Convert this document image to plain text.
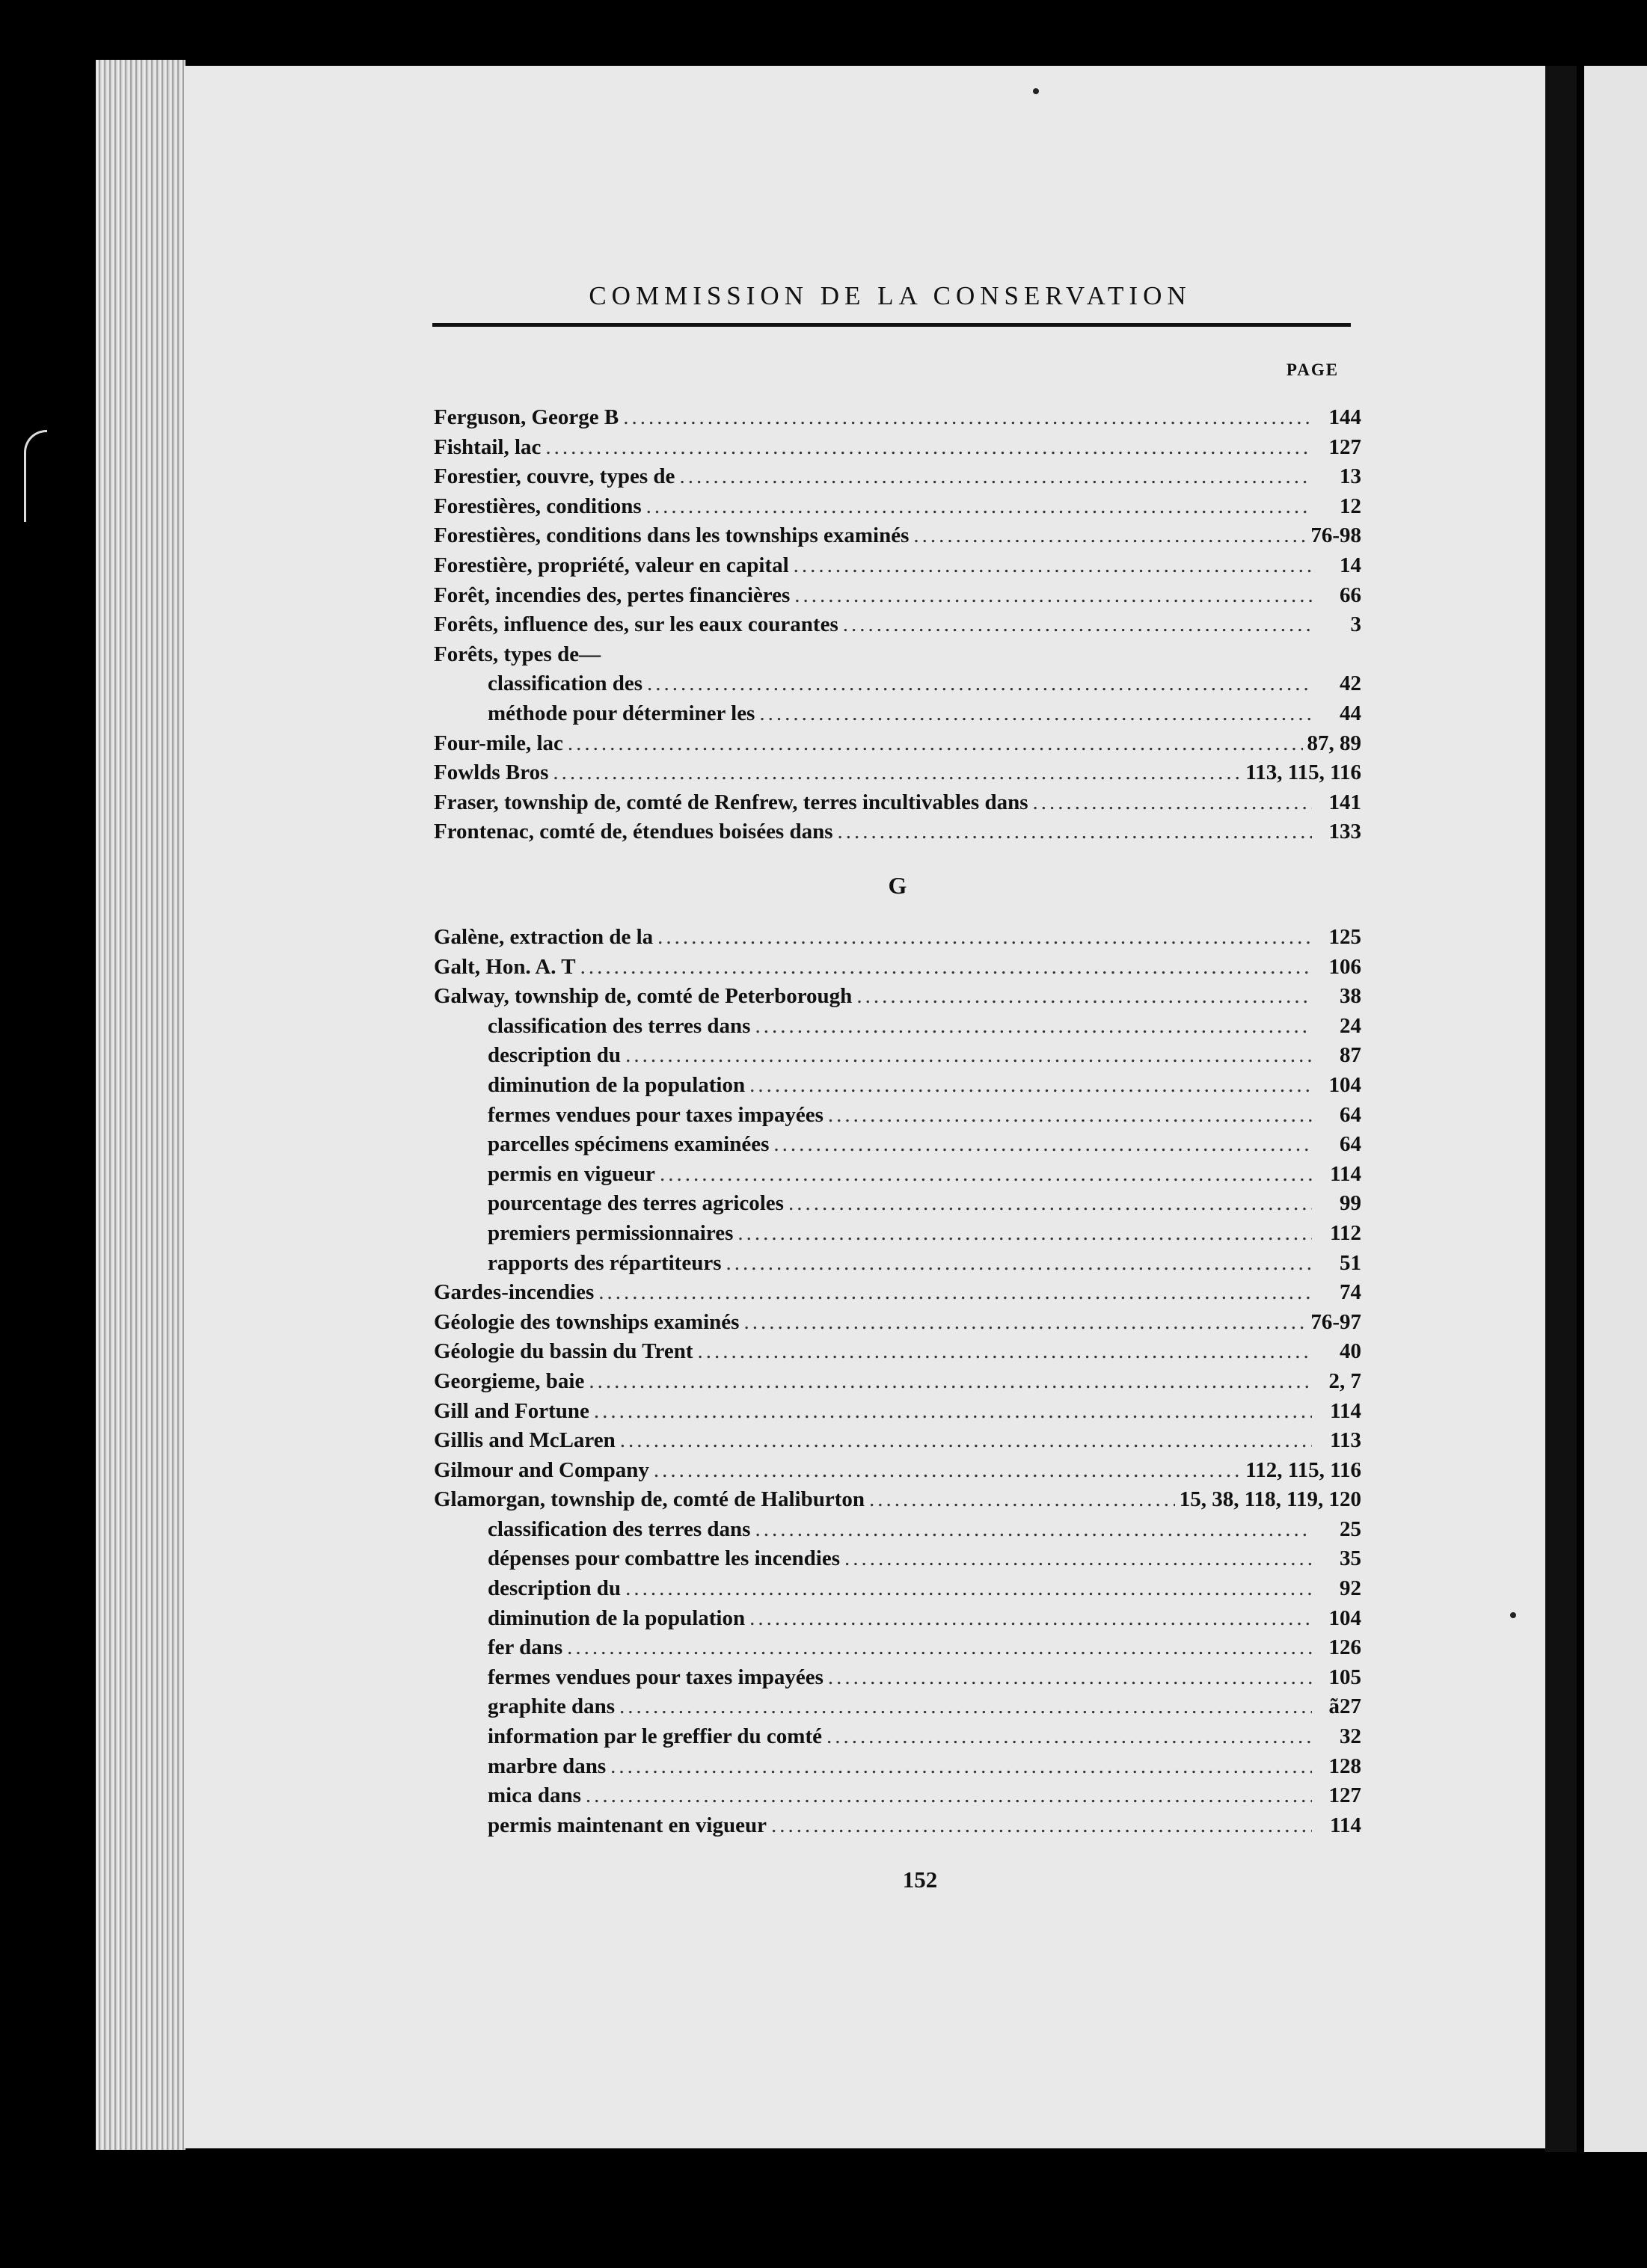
COMMISSION DE LA CONSERVATION
PAGE
Ferguson, George B .....	144
Fishtail, lac .....	127
Forestier, couvre, types de .....	13
Forestières, conditions .....	12
Forestières, conditions dans les townships examinés .....	76-98
Forestière, propriété, valeur en capital .....	14
Forêt, incendies des, pertes financières .....	66
Forêts, influence des, sur les eaux courantes .....	3
Forêts, types de—
classification des .....	42
méthode pour déterminer les .....	44
Four-mile, lac .....	87, 89
Fowlds Bros .....	113, 115, 116
Fraser, township de, comté de Renfrew, terres incultivables dans .....	141
Frontenac, comté de, étendues boisées dans .....	133
G
Galène, extraction de la .....	125
Galt, Hon. A. T .....	106
Galway, township de, comté de Peterborough .....	38
classification des terres dans .....	24
description du .....	87
diminution de la population .....	104
fermes vendues pour taxes impayées .....	64
parcelles spécimens examinées .....	64
permis en vigueur .....	114
pourcentage des terres agricoles .....	99
premiers permissionnaires .....	112
rapports des répartiteurs .....	51
Gardes-incendies .....	74
Géologie des townships examinés .....	76-97
Géologie du bassin du Trent .....	40
Georgieme, baie .....	2, 7
Gill and Fortune .....	114
Gillis and McLaren .....	113
Gilmour and Company .....	112, 115, 116
Glamorgan, township de, comté de Haliburton .....	15, 38, 118, 119, 120
classification des terres dans .....	25
dépenses pour combattre les incendies .....	35
description du .....	92
diminution de la population .....	104
fer dans .....	126
fermes vendues pour taxes impayées .....	105
graphite dans .....	ã27
information par le greffier du comté .....	32
marbre dans .....	128
mica dans .....	127
permis maintenant en vigueur .....	114
152
